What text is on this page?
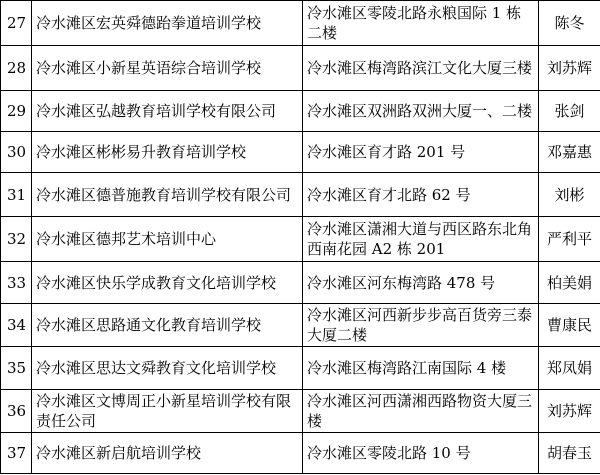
27	冷水滩区宏英舜德跆拳道培训学校	冷水滩区零陵北路永粮国际 1 栋二楼	陈冬
28	冷水滩区小新星英语综合培训学校	冷水滩区梅湾路滨江文化大厦三楼	刘苏辉
29	冷水滩区弘越教育培训学校有限公司	冷水滩区双洲路双洲大厦一、二楼	张剑
30	冷水滩区彬彬易升教育培训学校	冷水滩区育才路 201 号	邓嘉惠
31	冷水滩区德普施教育培训学校有限公司	冷水滩区育才北路 62 号	刘彬
32	冷水滩区德邦艺术培训中心	冷水滩区潇湘大道与西区路东北角西南花园 A2 栋 201	严利平
33	冷水滩区快乐学成教育文化培训学校	冷水滩区河东梅湾路 478 号	柏美娟
34	冷水滩区思路通文化教育培训学校	冷水滩区河西新步步高百货旁三泰大厦二楼	曹康民
35	冷水滩区思达文舜教育文化培训学校	冷水滩区梅湾路江南国际 4 楼	郑凤娟
36	冷水滩区文博周正小新星培训学校有限责任公司	冷水滩区河西潇湘西路物资大厦三楼	刘苏辉
37	冷水滩区新启航培训学校	冷水滩区零陵北路 10 号	胡春玉
